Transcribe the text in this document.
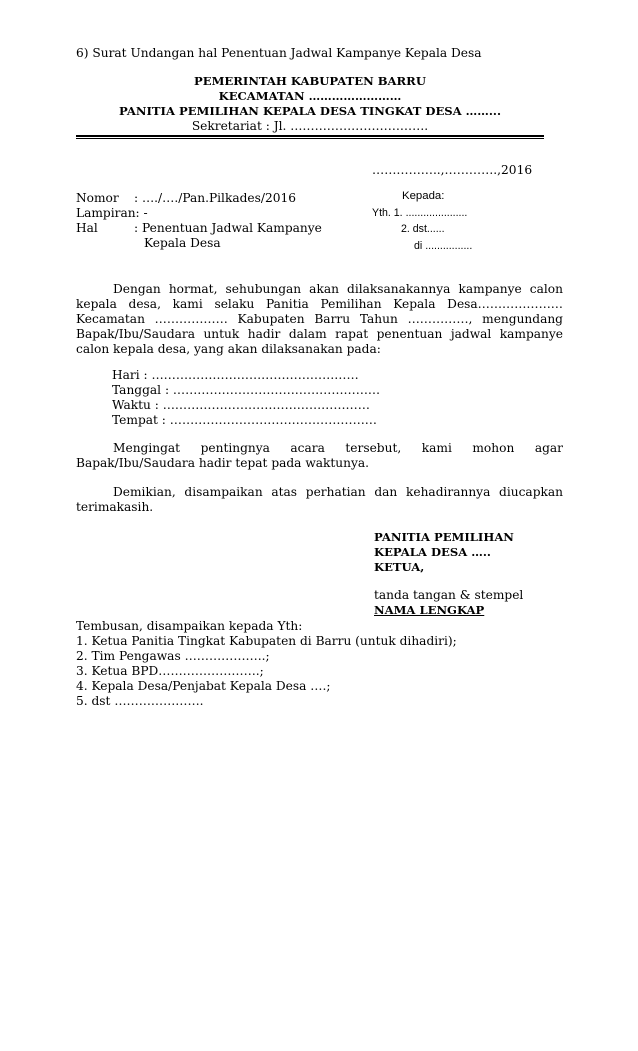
6) Surat Undangan hal Penentuan Jadwal Kampanye Kepala Desa
PEMERINTAH KABUPATEN BARRU
KECAMATAN ……………………
PANITIA PEMILIHAN KEPALA DESA TINGKAT DESA ……...
Sekretariat : Jl. …………………………….
……………..,………….,2016
Nomor : …./…./Pan.Pilkades/2016
Lampiran: -
Hal	: Penentuan Jadwal Kampanye
Kepala Desa
Kepada:
Yth. 1. .....................
2. dst......
di ................
Dengan hormat, sehubungan akan dilaksanakannya kampanye calon kepala desa, kami selaku Panitia Pemilihan Kepala Desa………………… Kecamatan ……………… Kabupaten Barru Tahun ……………, mengundang Bapak/Ibu/Saudara untuk hadir dalam rapat penentuan jadwal kampanye calon kepala desa, yang akan dilaksanakan pada:
Hari : ……………………………………………
Tanggal : ……………………………………………
Waktu : ……………………………………………
Tempat : ……………………………………………
Mengingat pentingnya acara tersebut, kami mohon agar Bapak/Ibu/Saudara hadir tepat pada waktunya.
Demikian, disampaikan atas perhatian dan kehadirannya diucapkan terimakasih.
PANITIA PEMILIHAN
KEPALA DESA …..
KETUA,
tanda tangan & stempel
NAMA LENGKAP
Tembusan, disampaikan kepada Yth:
1. Ketua Panitia Tingkat Kabupaten di Barru (untuk dihadiri);
2. Tim Pengawas ………………..;
3. Ketua BPD…………………….;
4. Kepala Desa/Penjabat Kepala Desa ….;
5. dst ………………….
